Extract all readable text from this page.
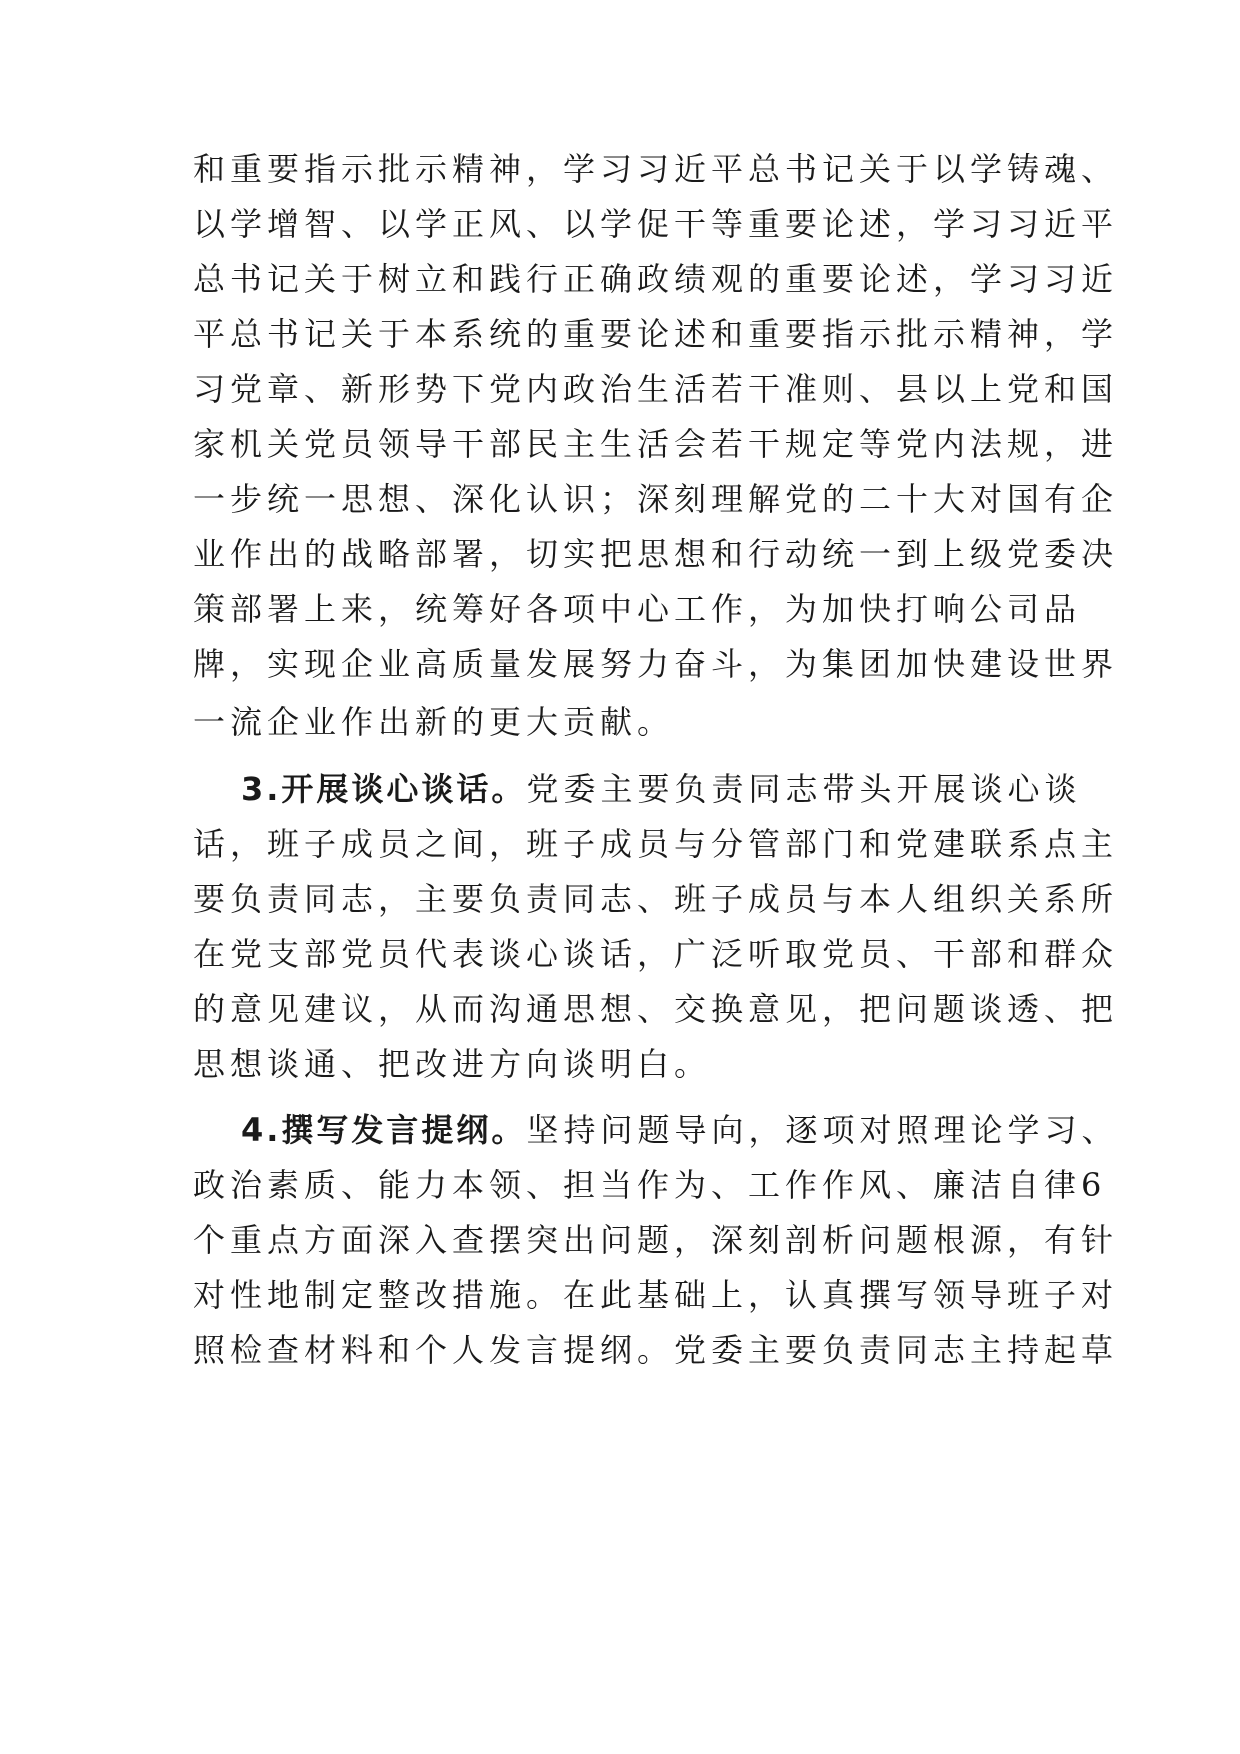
和重要指示批示精神，学习习近平总书记关于以学铸魂、
以学增智、以学正风、以学促干等重要论述，学习习近平
总书记关于树立和践行正确政绩观的重要论述，学习习近
平总书记关于本系统的重要论述和重要指示批示精神，学
习党章、新形势下党内政治生活若干准则、县以上党和国
家机关党员领导干部民主生活会若干规定等党内法规，进
一步统一思想、深化认识；深刻理解党的二十大对国有企
业作出的战略部署，切实把思想和行动统一到上级党委决
策部署上来，统筹好各项中心工作，为加快打响公司品
牌，实现企业高质量发展努力奋斗，为集团加快建设世界
一流企业作出新的更大贡献。
3.开展谈心谈话。党委主要负责同志带头开展谈心谈
话，班子成员之间，班子成员与分管部门和党建联系点主
要负责同志，主要负责同志、班子成员与本人组织关系所
在党支部党员代表谈心谈话，广泛听取党员、干部和群众
的意见建议，从而沟通思想、交换意见，把问题谈透、把
思想谈通、把改进方向谈明白。
4.撰写发言提纲。坚持问题导向，逐项对照理论学习、
政治素质、能力本领、担当作为、工作作风、廉洁自律6
个重点方面深入查摆突出问题，深刻剖析问题根源，有针
对性地制定整改措施。在此基础上，认真撰写领导班子对
照检查材料和个人发言提纲。党委主要负责同志主持起草
